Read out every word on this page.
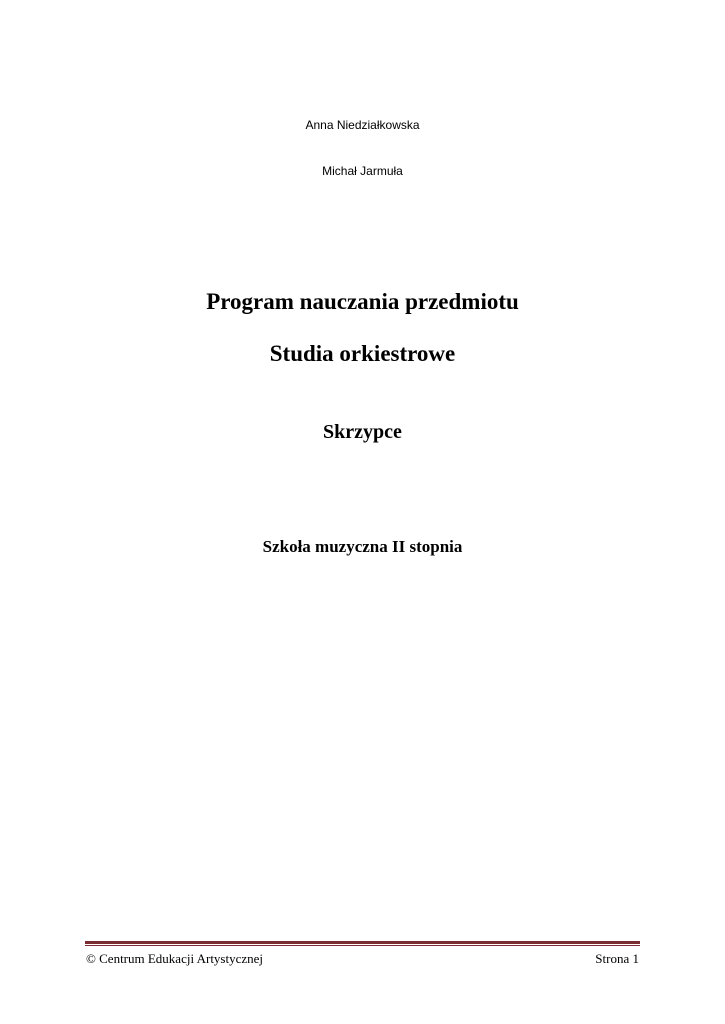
Anna Niedziałkowska
Michał Jarmuła
Program nauczania przedmiotu
Studia orkiestrowe
Skrzypce
Szkoła muzyczna II stopnia
© Centrum Edukacji Artystycznej	Strona 1
